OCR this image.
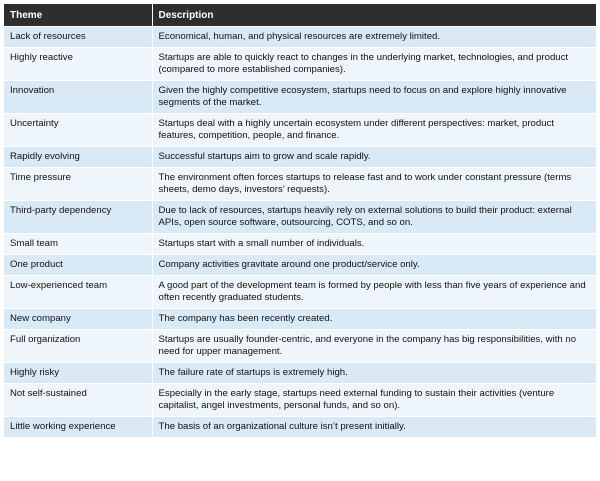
Theme	Description
Lack of resources	Economical, human, and physical resources are extremely limited.
Highly reactive	Startups are able to quickly react to changes in the underlying market, technologies, and product (compared to more established companies).
Innovation	Given the highly competitive ecosystem, startups need to focus on and explore highly innovative segments of the market.
Uncertainty	Startups deal with a highly uncertain ecosystem under different perspectives: market, product features, competition, people, and finance.
Rapidly evolving	Successful startups aim to grow and scale rapidly.
Time pressure	The environment often forces startups to release fast and to work under constant pressure (terms sheets, demo days, investors’ requests).
Third-party dependency	Due to lack of resources, startups heavily rely on external solutions to build their product: external APIs, open source software, outsourcing, COTS, and so on.
Small team	Startups start with a small number of individuals.
One product	Company activities gravitate around one product/service only.
Low-experienced team	A good part of the development team is formed by people with less than five years of experience and often recently graduated students.
New company	The company has been recently created.
Full organization	Startups are usually founder-centric, and everyone in the company has big responsibilities, with no need for upper management.
Highly risky	The failure rate of startups is extremely high.
Not self-sustained	Especially in the early stage, startups need external funding to sustain their activities (venture capitalist, angel investments, personal funds, and so on).
Little working experience	The basis of an organizational culture isn’t present initially.
